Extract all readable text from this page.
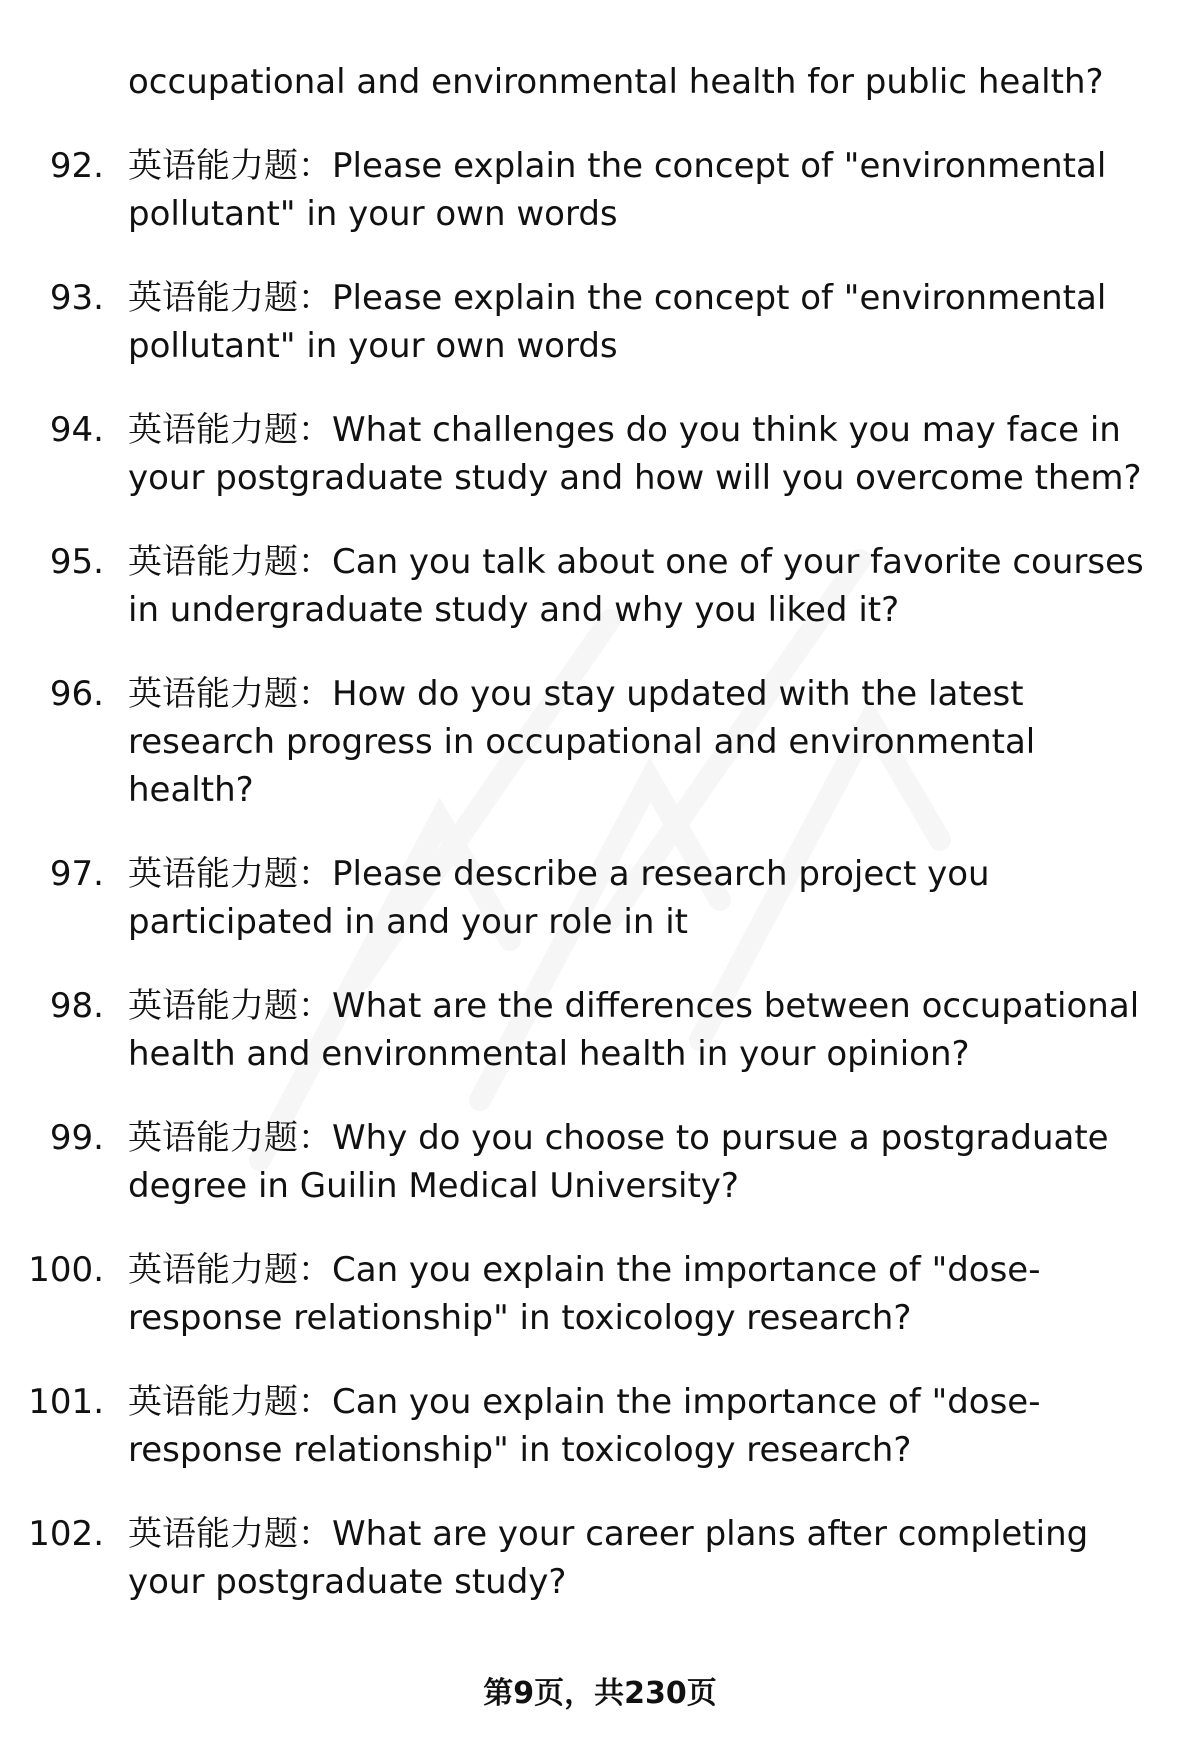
occupational and environmental health for public health?
92. 英语能力题：Please explain the concept of "environmental pollutant" in your own words
93. 英语能力题：Please explain the concept of "environmental pollutant" in your own words
94. 英语能力题：What challenges do you think you may face in your postgraduate study and how will you overcome them?
95. 英语能力题：Can you talk about one of your favorite courses in undergraduate study and why you liked it?
96. 英语能力题：How do you stay updated with the latest research progress in occupational and environmental health?
97. 英语能力题：Please describe a research project you participated in and your role in it
98. 英语能力题：What are the differences between occupational health and environmental health in your opinion?
99. 英语能力题：Why do you choose to pursue a postgraduate degree in Guilin Medical University?
100. 英语能力题：Can you explain the importance of "dose-response relationship" in toxicology research?
101. 英语能力题：Can you explain the importance of "dose-response relationship" in toxicology research?
102. 英语能力题：What are your career plans after completing your postgraduate study?
第9页，共230页
